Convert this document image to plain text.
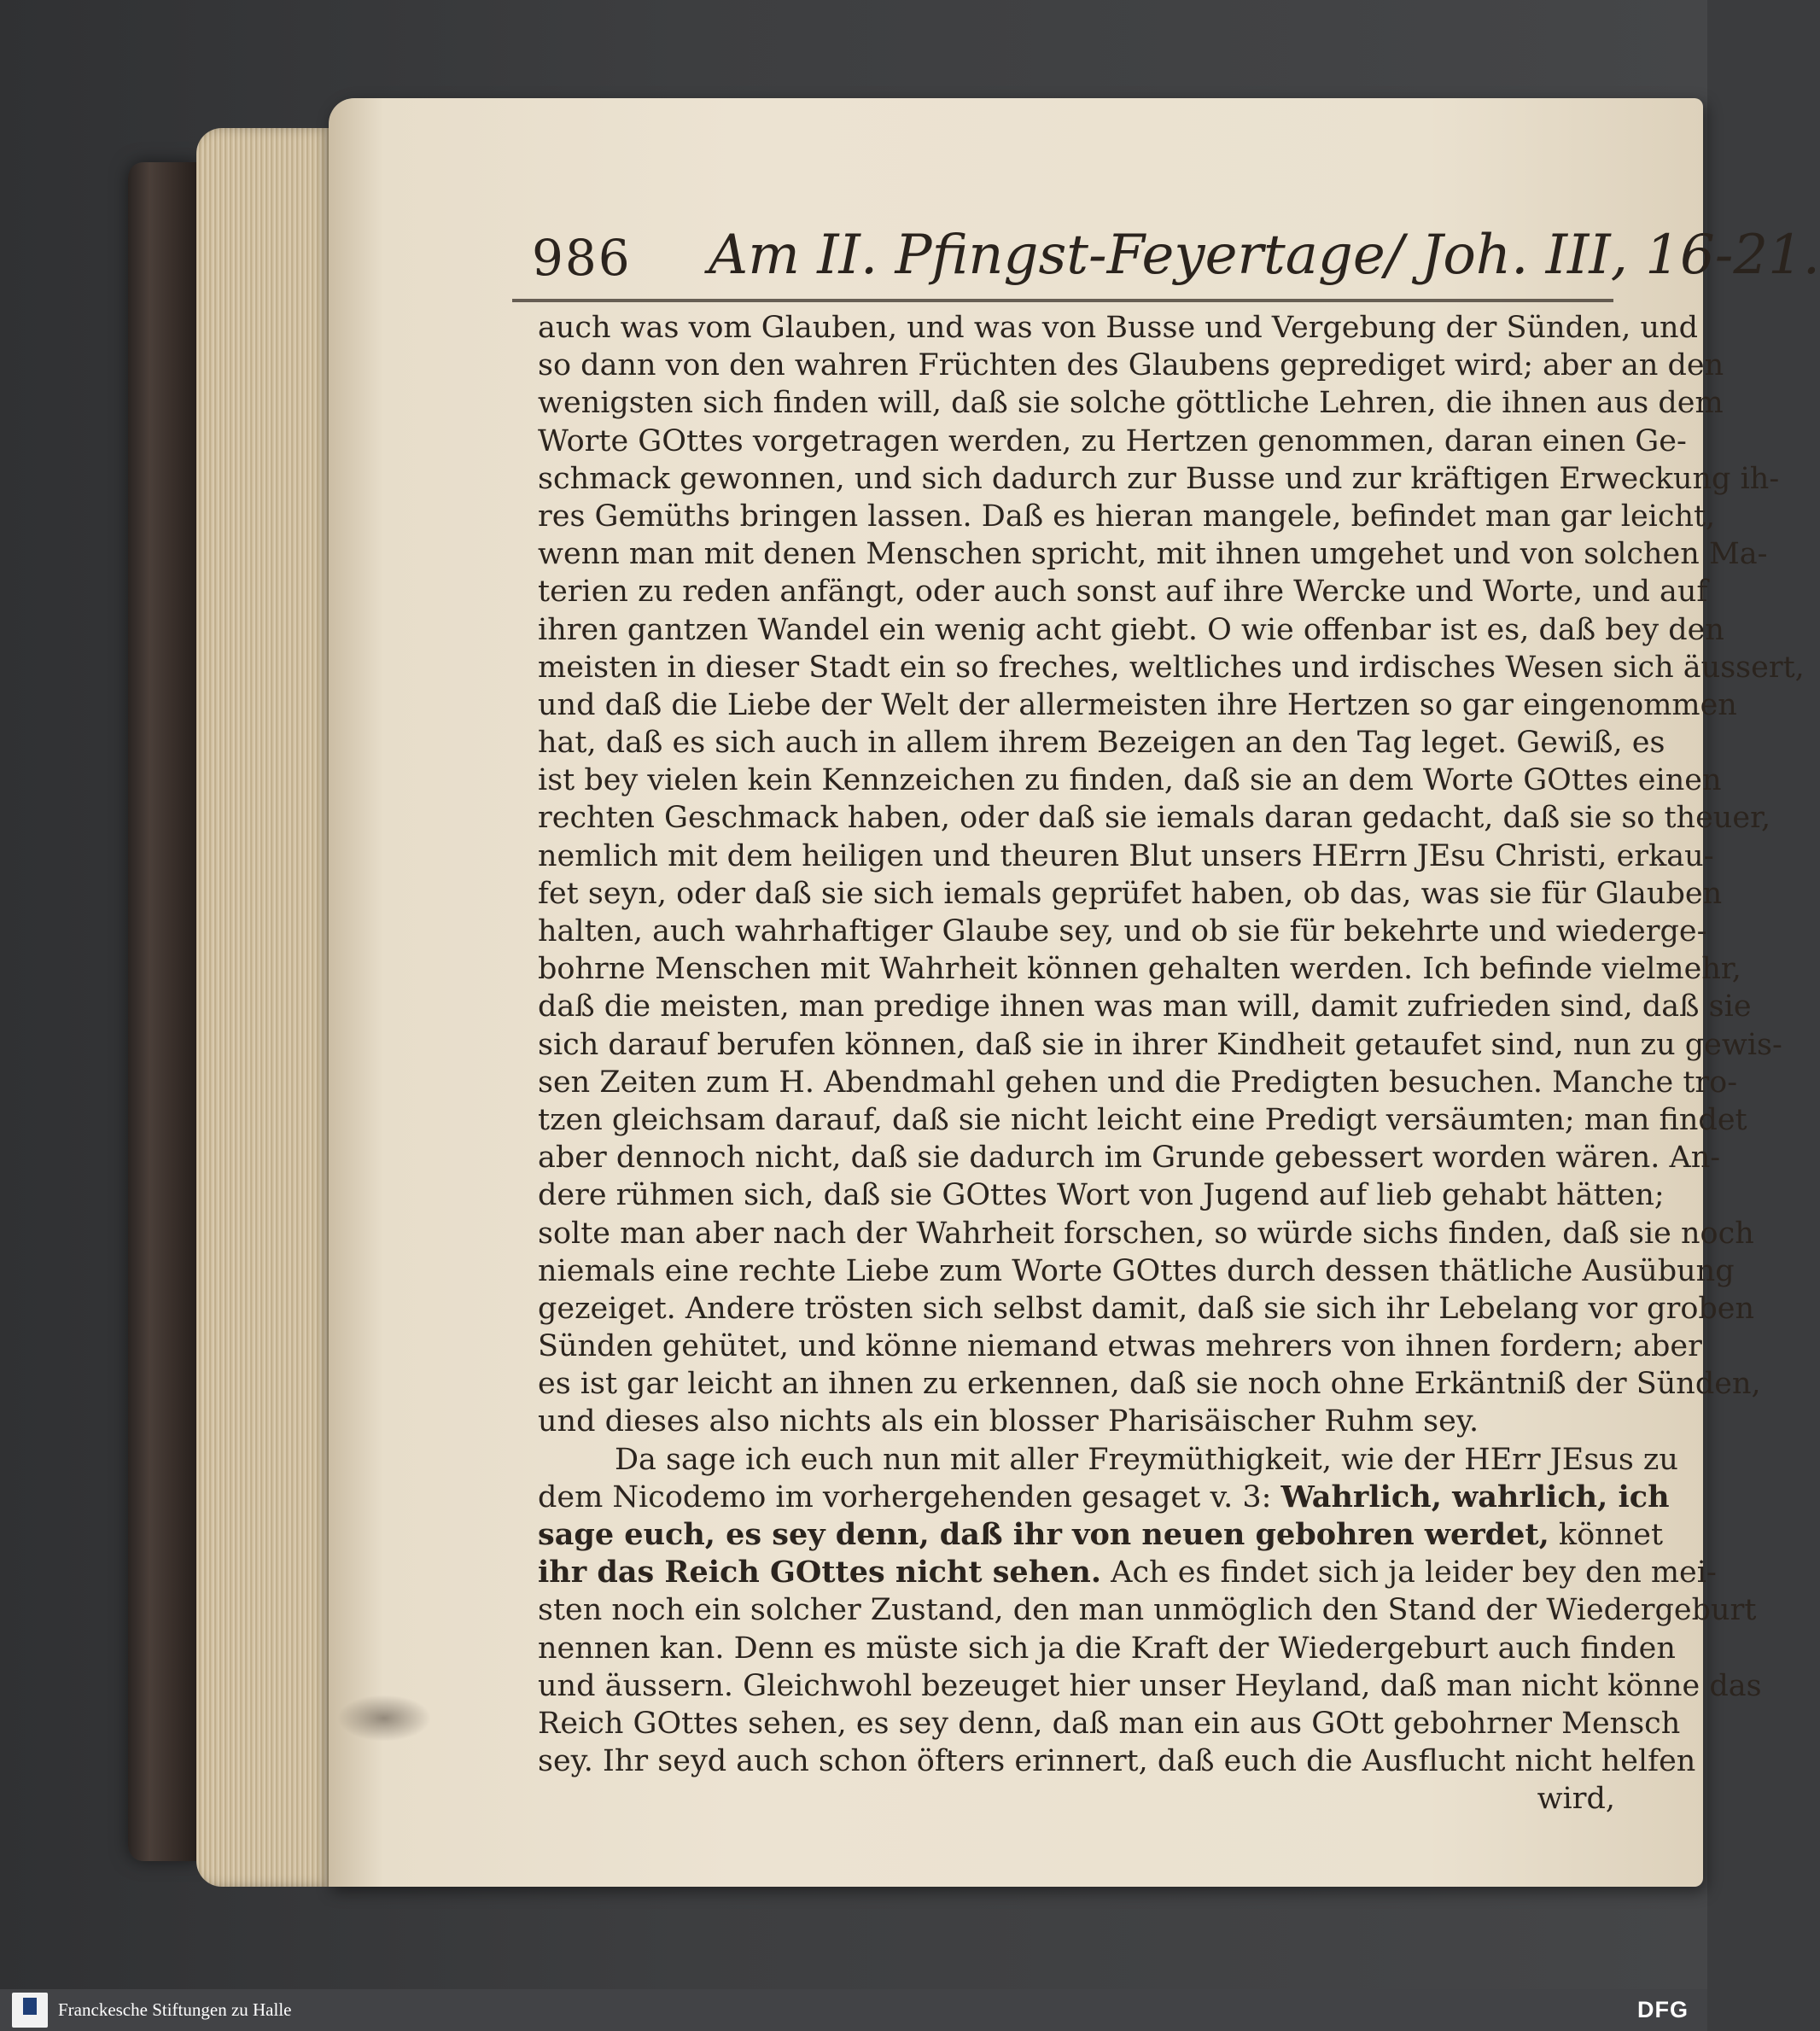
986 Am II. Pfingst-Feyertage/ Joh. III, 16-21.
auch was vom Glauben, und was von Busse und Vergebung der Sünden, und
so dann von den wahren Früchten des Glaubens geprediget wird; aber an den
wenigsten sich finden will, daß sie solche göttliche Lehren, die ihnen aus dem
Worte GOttes vorgetragen werden, zu Hertzen genommen, daran einen Ge-
schmack gewonnen, und sich dadurch zur Busse und zur kräftigen Erweckung ih-
res Gemüths bringen lassen. Daß es hieran mangele, befindet man gar leicht,
wenn man mit denen Menschen spricht, mit ihnen umgehet und von solchen Ma-
terien zu reden anfängt, oder auch sonst auf ihre Wercke und Worte, und auf
ihren gantzen Wandel ein wenig acht giebt. O wie offenbar ist es, daß bey den
meisten in dieser Stadt ein so freches, weltliches und irdisches Wesen sich äussert,
und daß die Liebe der Welt der allermeisten ihre Hertzen so gar eingenommen
hat, daß es sich auch in allem ihrem Bezeigen an den Tag leget. Gewiß, es
ist bey vielen kein Kennzeichen zu finden, daß sie an dem Worte GOttes einen
rechten Geschmack haben, oder daß sie iemals daran gedacht, daß sie so theuer,
nemlich mit dem heiligen und theuren Blut unsers HErrn JEsu Christi, erkau-
fet seyn, oder daß sie sich iemals geprüfet haben, ob das, was sie für Glauben
halten, auch wahrhaftiger Glaube sey, und ob sie für bekehrte und wiederge-
bohrne Menschen mit Wahrheit können gehalten werden. Ich befinde vielmehr,
daß die meisten, man predige ihnen was man will, damit zufrieden sind, daß sie
sich darauf berufen können, daß sie in ihrer Kindheit getaufet sind, nun zu gewis-
sen Zeiten zum H. Abendmahl gehen und die Predigten besuchen. Manche tro-
tzen gleichsam darauf, daß sie nicht leicht eine Predigt versäumten; man findet
aber dennoch nicht, daß sie dadurch im Grunde gebessert worden wären. An-
dere rühmen sich, daß sie GOttes Wort von Jugend auf lieb gehabt hätten;
solte man aber nach der Wahrheit forschen, so würde sichs finden, daß sie noch
niemals eine rechte Liebe zum Worte GOttes durch dessen thätliche Ausübung
gezeiget. Andere trösten sich selbst damit, daß sie sich ihr Lebelang vor groben
Sünden gehütet, und könne niemand etwas mehrers von ihnen fordern; aber
es ist gar leicht an ihnen zu erkennen, daß sie noch ohne Erkäntniß der Sünden,
und dieses also nichts als ein blosser Pharisäischer Ruhm sey.
Da sage ich euch nun mit aller Freymüthigkeit, wie der HErr JEsus zu
dem Nicodemo im vorhergehenden gesaget v. 3: Wahrlich, wahrlich, ich
sage euch, es sey denn, daß ihr von neuen gebohren werdet, könnet
ihr das Reich GOttes nicht sehen. Ach es findet sich ja leider bey den mei-
sten noch ein solcher Zustand, den man unmöglich den Stand der Wiedergeburt
nennen kan. Denn es müste sich ja die Kraft der Wiedergeburt auch finden
und äussern. Gleichwohl bezeuget hier unser Heyland, daß man nicht könne das
Reich GOttes sehen, es sey denn, daß man ein aus GOtt gebohrner Mensch
sey. Ihr seyd auch schon öfters erinnert, daß euch die Ausflucht nicht helfen
wird,
Franckesche Stiftungen zu Halle	DFG
